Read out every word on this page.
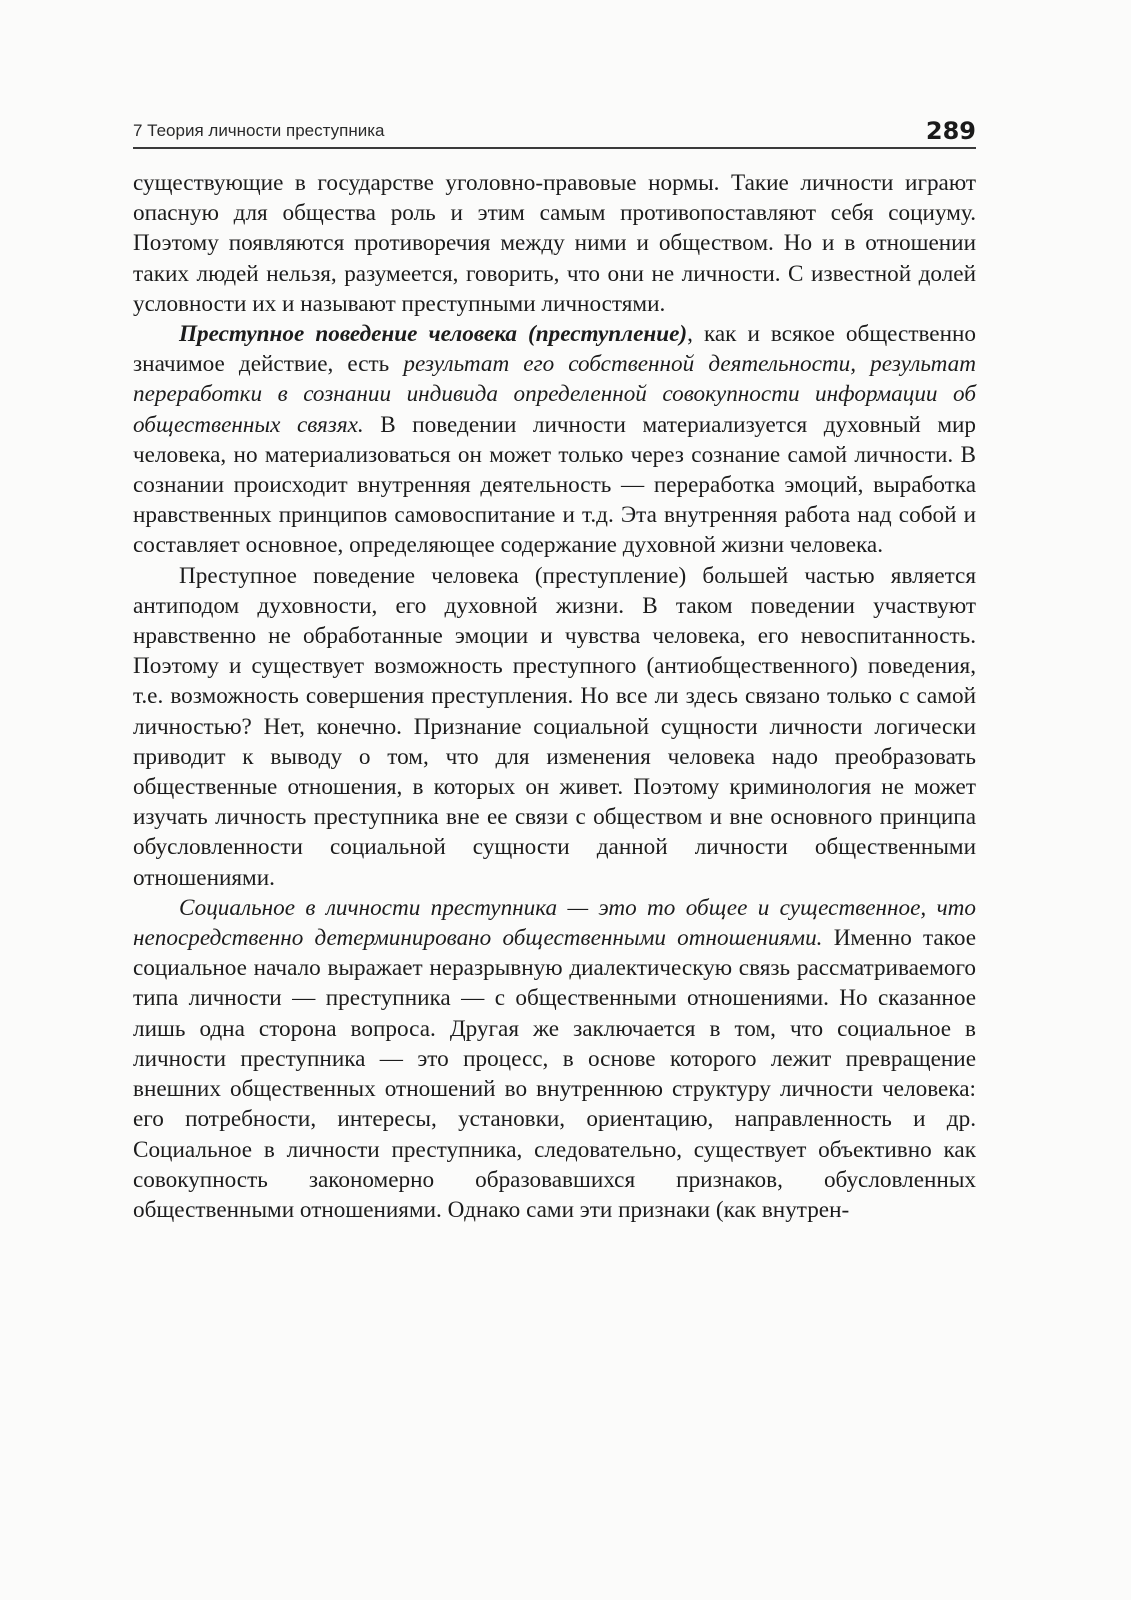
7 Теория личности преступника	289

существующие в государстве уголовно-правовые нормы. Такие личности играют опасную для общества роль и этим самым противопоставляют себя социуму. Поэтому появляются противоречия между ними и обществом. Но и в отношении таких людей нельзя, разумеется, говорить, что они не личности. С известной долей условности их и называют преступными личностями.

Преступное поведение человека (преступление), как и всякое общественно значимое действие, есть результат его собственной деятельности, результат переработки в сознании индивида определенной совокупности информации об общественных связях. В поведении личности материализуется духовный мир человека, но материализоваться он может только через сознание самой личности. В сознании происходит внутренняя деятельность — переработка эмоций, выработка нравственных принципов самовоспитание и т.д. Эта внутренняя работа над собой и составляет основное, определяющее содержание духовной жизни человека.

Преступное поведение человека (преступление) большей частью является антиподом духовности, его духовной жизни. В таком поведении участвуют нравственно не обработанные эмоции и чувства человека, его невоспитанность. Поэтому и существует возможность преступного (антиобщественного) поведения, т.е. возможность совершения преступления. Но все ли здесь связано только с самой личностью? Нет, конечно. Признание социальной сущности личности логически приводит к выводу о том, что для изменения человека надо преобразовать общественные отношения, в которых он живет. Поэтому криминология не может изучать личность преступника вне ее связи с обществом и вне основного принципа обусловленности социальной сущности данной личности общественными отношениями.

Социальное в личности преступника — это то общее и существенное, что непосредственно детерминировано общественными отношениями. Именно такое социальное начало выражает неразрывную диалектическую связь рассматриваемого типа личности — преступника — с общественными отношениями. Но сказанное лишь одна сторона вопроса. Другая же заключается в том, что социальное в личности преступника — это процесс, в основе которого лежит превращение внешних общественных отношений во внутреннюю структуру личности человека: его потребности, интересы, установки, ориентацию, направленность и др. Социальное в личности преступника, следовательно, существует объективно как совокупность закономерно образовавшихся признаков, обусловленных общественными отношениями. Однако сами эти признаки (как внутрен-
